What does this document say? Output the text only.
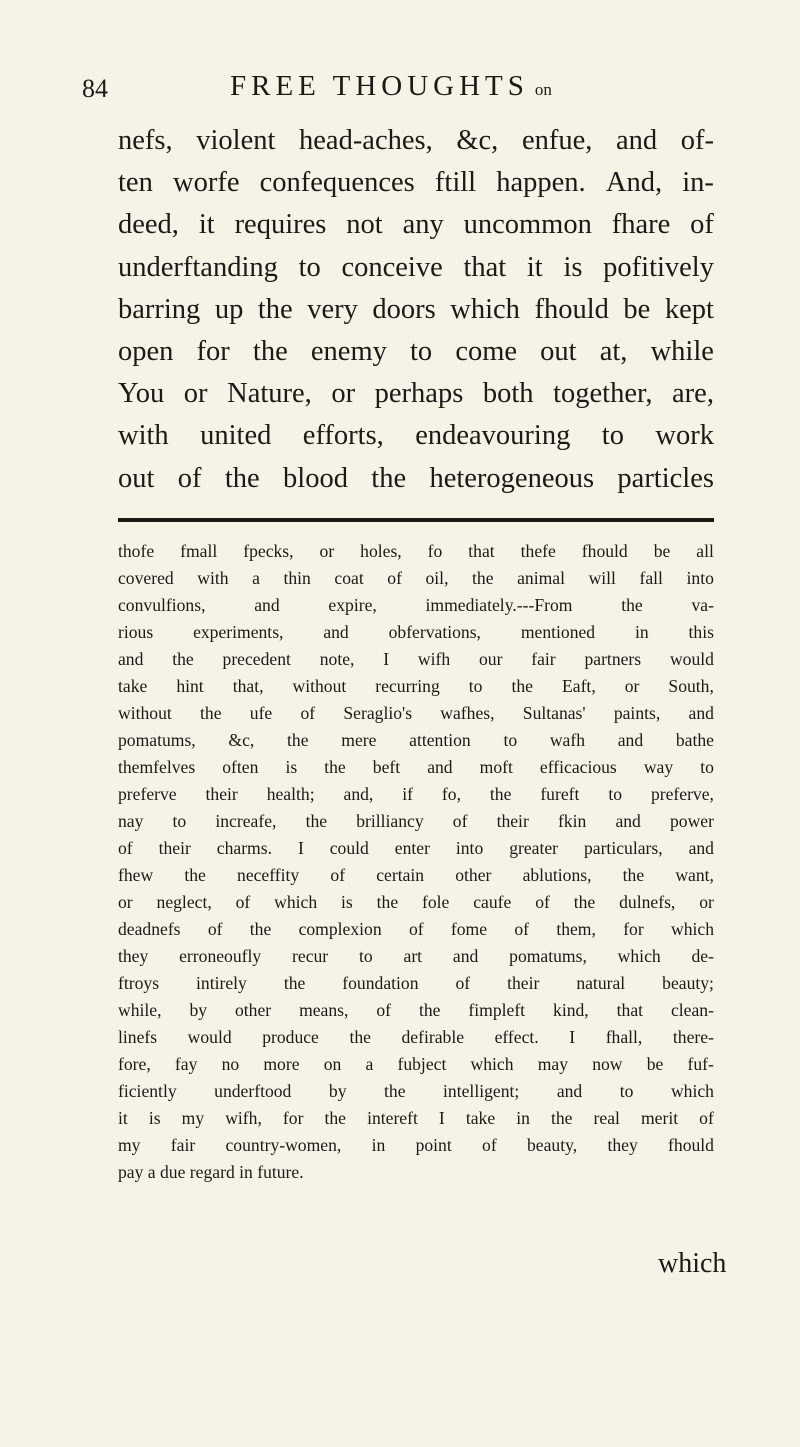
84	FREE THOUGHTS on
nefs, violent head-aches, &c, enfue, and of-
ten worfe confequences ftill happen. And, in-
deed, it requires not any uncommon fhare of
underftanding to conceive that it is pofitively
barring up the very doors which fhould be kept
open for the enemy to come out at, while
You or Nature, or perhaps both together, are,
with united efforts, endeavouring to work
out of the blood the heterogeneous particles
thofe fmall fpecks, or holes, fo that thefe fhould be all
covered with a thin coat of oil, the animal will fall into
convulfions,	and	expire,	immediately.---From	the	va-
rious experiments, and obfervations, mentioned in this
and the precedent note, I wifh our fair partners would
take hint that, without recurring to the Eaft, or South,
without the ufe of Seraglio's wafhes, Sultanas' paints, and
pomatums, &c, the mere attention to wafh and bathe
themfelves often is the beft and moft efficacious way to
preferve their health; and, if fo, the fureft to preferve,
nay to increafe, the brilliancy of their fkin and power
of their charms. I could enter into greater particulars, and
fhew the neceffity of certain other ablutions, the want,
or neglect, of which is the fole caufe of the dulnefs, or
deadnefs of the complexion of fome of them, for which
they erroneoufly recur to art and pomatums, which de-
ftroys intirely the foundation of their natural beauty;
while, by other means, of the fimpleft kind, that clean-
linefs would produce the defirable effect. I fhall, there-
fore, fay no more on a fubject which may now be fuf-
ficiently underftood by the intelligent; and to which
it is my wifh, for the intereft I take in the real merit of
my fair country-women, in point of beauty, they fhould
pay a due regard in future.
which
